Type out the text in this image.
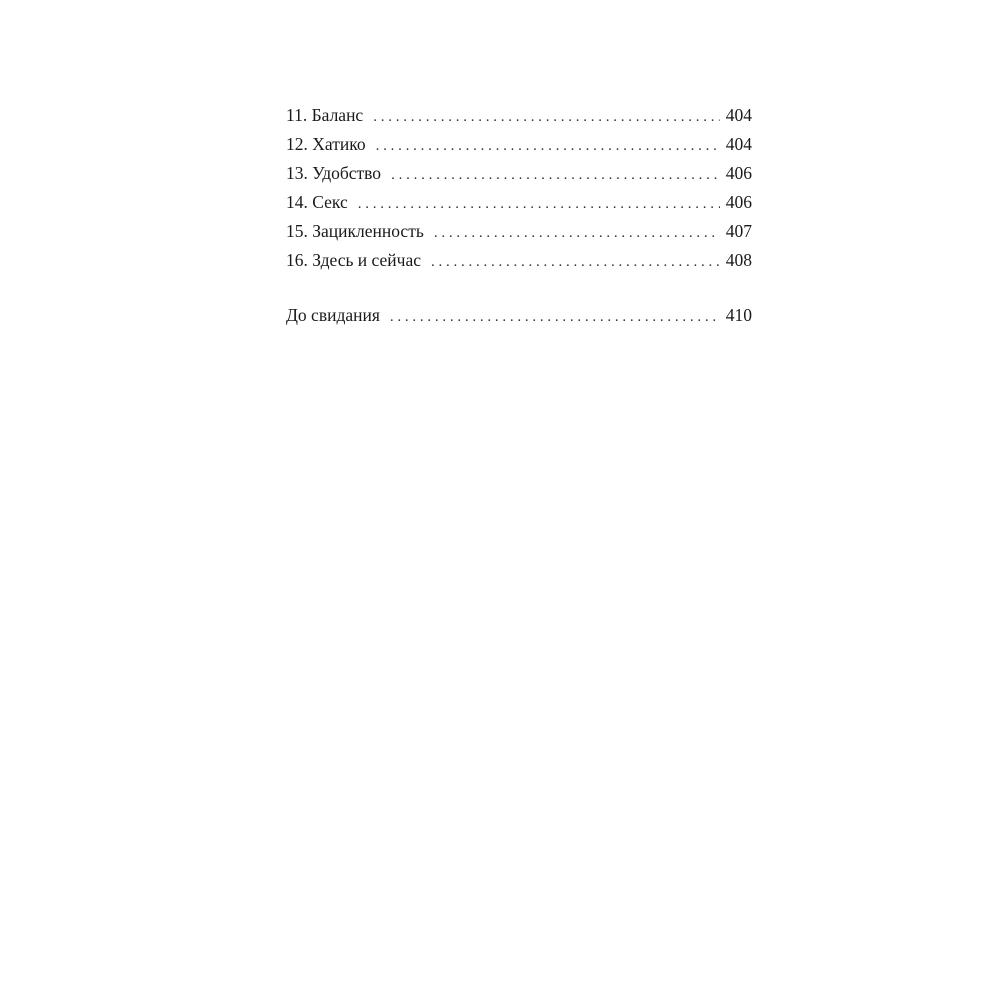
11. Баланс . . .	404
12. Хатико . . .	404
13. Удобство . . .	406
14. Секс . . .	406
15. Зацикленность . . .	407
16. Здесь и сейчас . . .	408
До свидания . . .	410
